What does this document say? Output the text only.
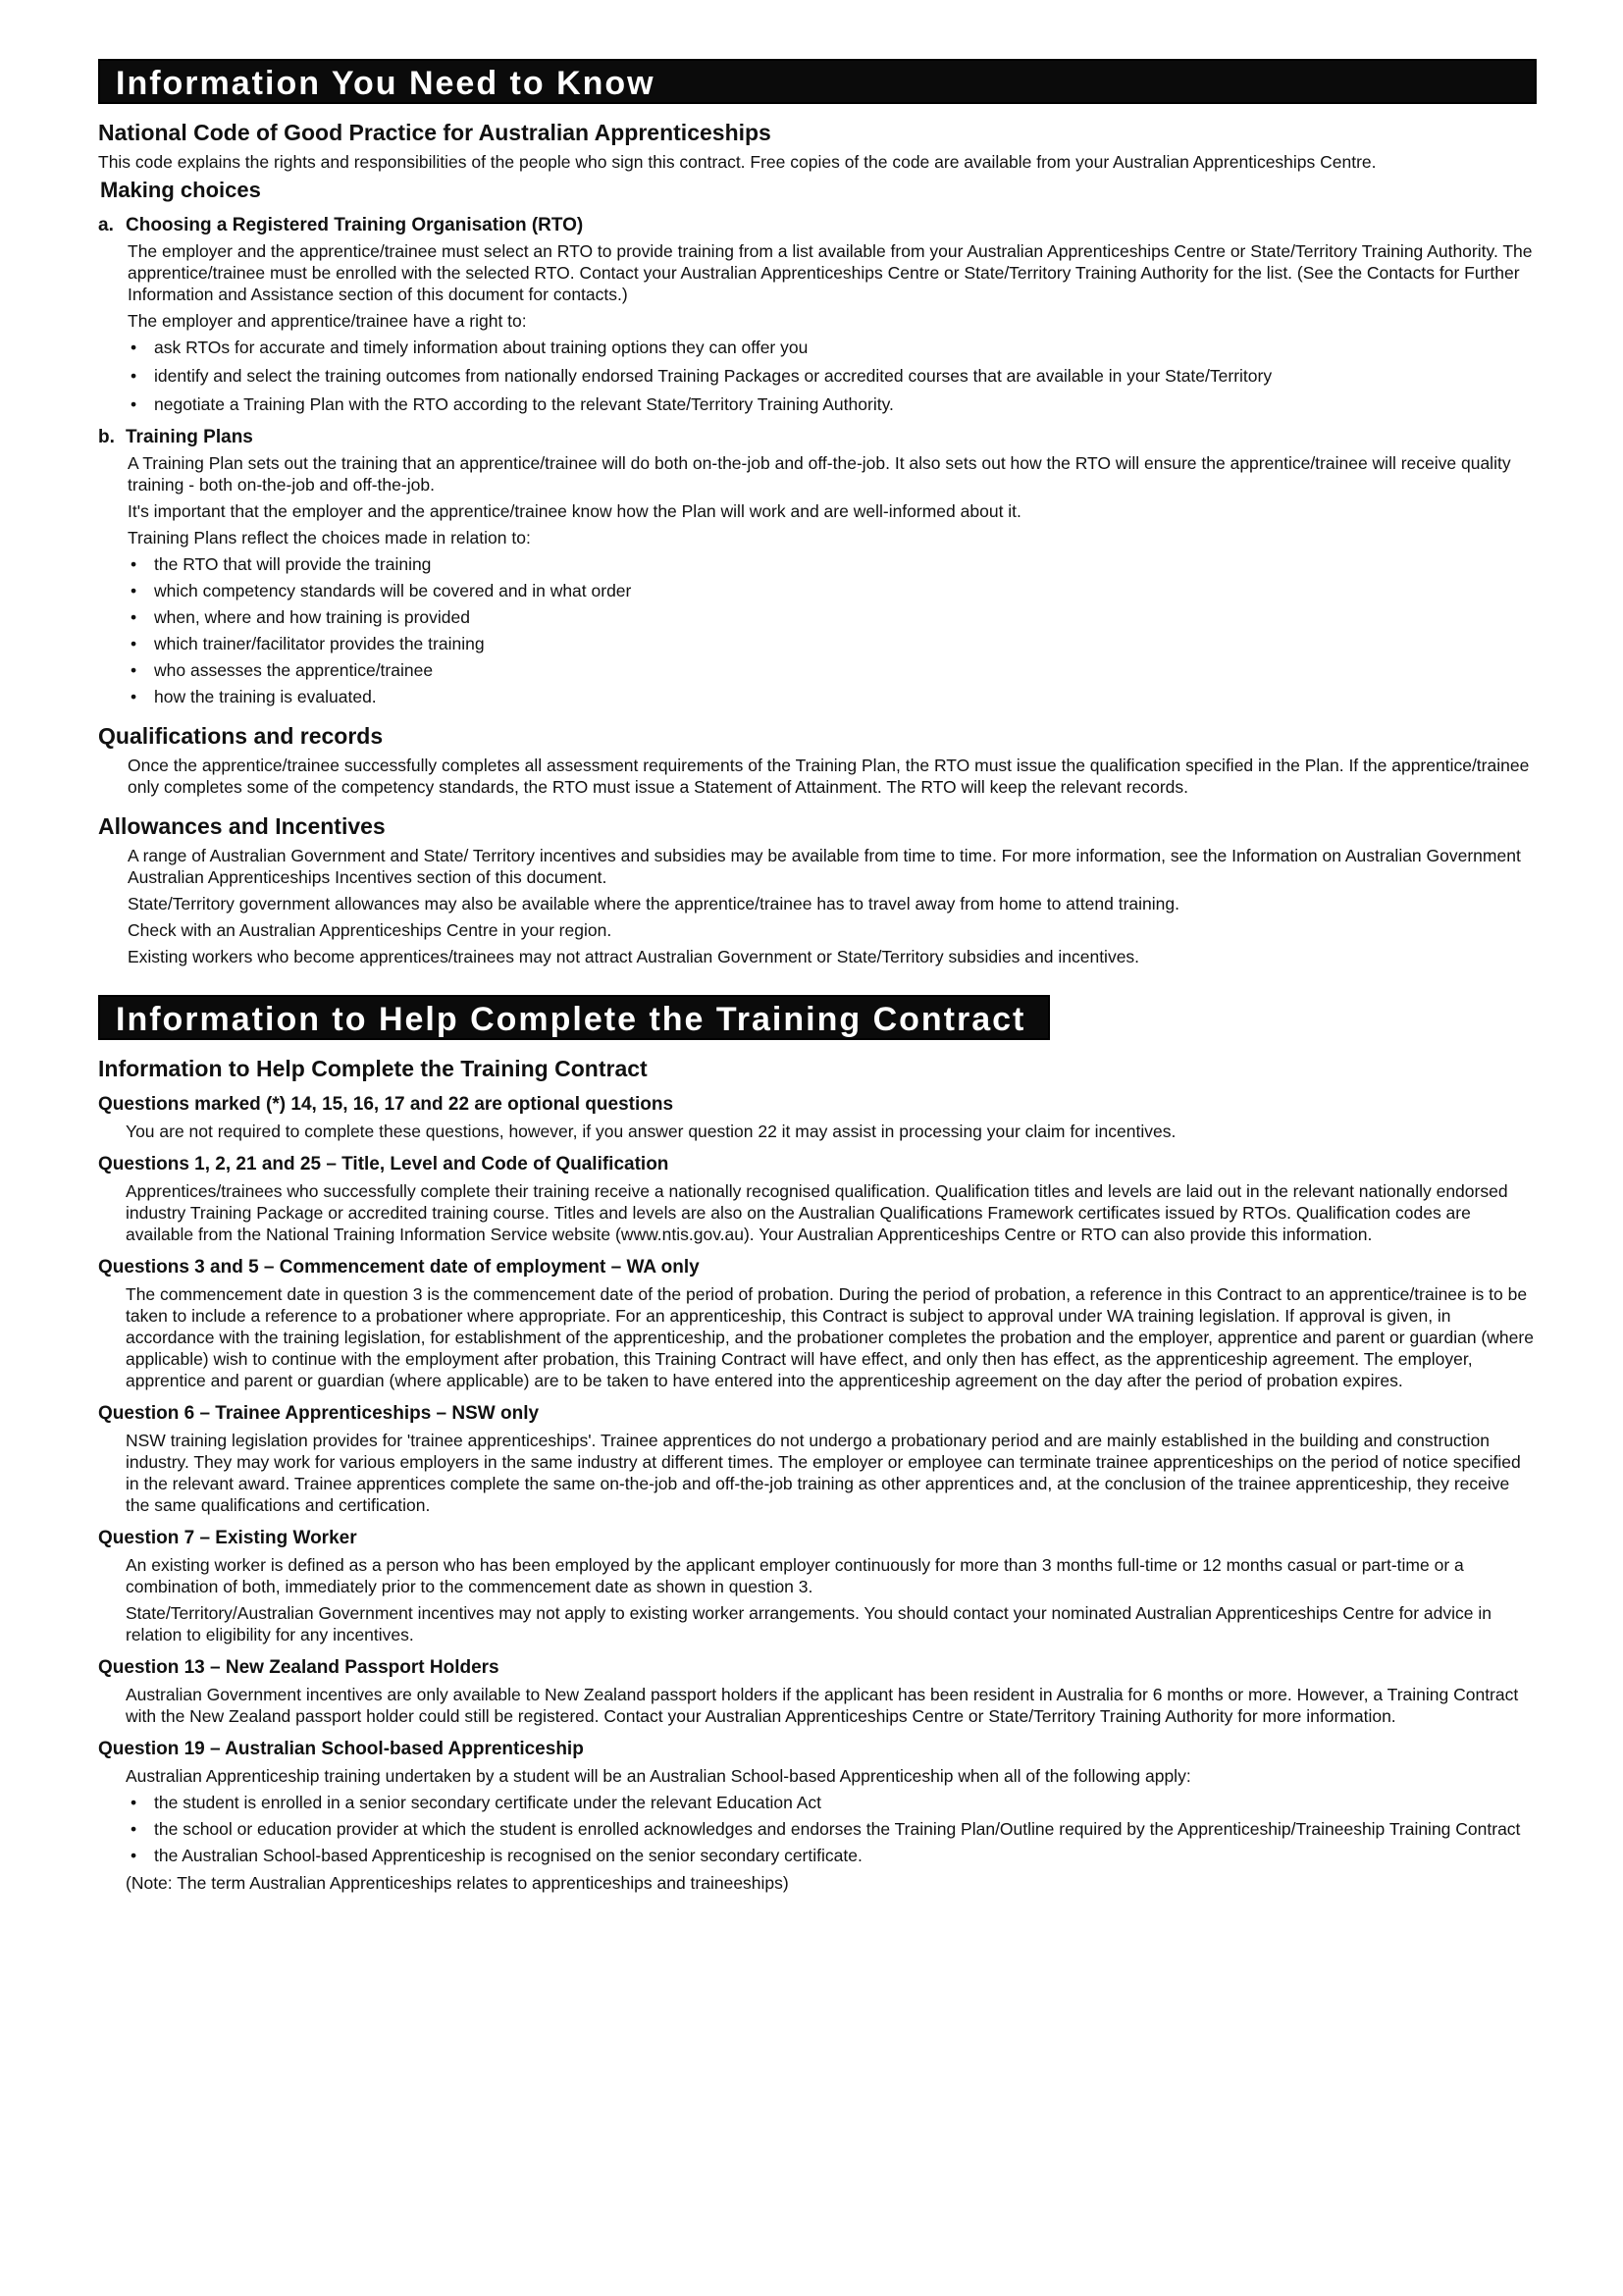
Information You Need to Know
National Code of Good Practice for Australian Apprenticeships

This code explains the rights and responsibilities of the people who sign this contract. Free copies of the code are available from your Australian Apprenticeships Centre.

Making choices
a. Choosing a Registered Training Organisation (RTO)

The employer and the apprentice/trainee must select an RTO to provide training from a list available from your Australian Apprenticeships Centre or State/Territory Training Authority. The apprentice/trainee must be enrolled with the selected RTO. Contact your Australian Apprenticeships Centre or State/Territory Training Authority for the list. (See the Contacts for Further Information and Assistance section of this document for contacts.)

The employer and apprentice/trainee have a right to:

• ask RTOs for accurate and timely information about training options they can offer you
• identify and select the training outcomes from nationally endorsed Training Packages or accredited courses that are available in your State/Territory
• negotiate a Training Plan with the RTO according to the relevant State/Territory Training Authority.
b. Training Plans

A Training Plan sets out the training that an apprentice/trainee will do both on-the-job and off-the-job. It also sets out how the RTO will ensure the apprentice/trainee will receive quality training - both on-the-job and off-the-job.

It's important that the employer and the apprentice/trainee know how the Plan will work and are well-informed about it.

Training Plans reflect the choices made in relation to:

• the RTO that will provide the training
• which competency standards will be covered and in what order
• when, where and how training is provided
• which trainer/facilitator provides the training
• who assesses the apprentice/trainee
• how the training is evaluated.
Qualifications and records

Once the apprentice/trainee successfully completes all assessment requirements of the Training Plan, the RTO must issue the qualification specified in the Plan. If the apprentice/trainee only completes some of the competency standards, the RTO must issue a Statement of Attainment. The RTO will keep the relevant records.

Allowances and Incentives

A range of Australian Government and State/ Territory incentives and subsidies may be available from time to time. For more information, see the Information on Australian Government Australian Apprenticeships Incentives section of this document.

State/Territory government allowances may also be available where the apprentice/trainee has to travel away from home to attend training.

Check with an Australian Apprenticeships Centre in your region.

Existing workers who become apprentices/trainees may not attract Australian Government or State/Territory subsidies and incentives.

Information to Help Complete the Training Contract
Information to Help Complete the Training Contract
Questions marked (*) 14, 15, 16, 17 and 22 are optional questions

You are not required to complete these questions, however, if you answer question 22 it may assist in processing your claim for incentives.

Questions 1, 2, 21 and 25 – Title, Level and Code of Qualification

Apprentices/trainees who successfully complete their training receive a nationally recognised qualification. Qualification titles and levels are laid out in the relevant nationally endorsed industry Training Package or accredited training course. Titles and levels are also on the Australian Qualifications Framework certificates issued by RTOs. Qualification codes are available from the National Training Information Service website (www.ntis.gov.au). Your Australian Apprenticeships Centre or RTO can also provide this information.

Questions 3 and 5 – Commencement date of employment – WA only

The commencement date in question 3 is the commencement date of the period of probation. During the period of probation, a reference in this Contract to an apprentice/trainee is to be taken to include a reference to a probationer where appropriate. For an apprenticeship, this Contract is subject to approval under WA training legislation. If approval is given, in accordance with the training legislation, for establishment of the apprenticeship, and the probationer completes the probation and the employer, apprentice and parent or guardian (where applicable) wish to continue with the employment after probation, this Training Contract will have effect, and only then has effect, as the apprenticeship agreement. The employer, apprentice and parent or guardian (where applicable) are to be taken to have entered into the apprenticeship agreement on the day after the period of probation expires.

Question 6 – Trainee Apprenticeships – NSW only

NSW training legislation provides for 'trainee apprenticeships'. Trainee apprentices do not undergo a probationary period and are mainly established in the building and construction industry. They may work for various employers in the same industry at different times. The employer or employee can terminate trainee apprenticeships on the period of notice specified in the relevant award. Trainee apprentices complete the same on-the-job and off-the-job training as other apprentices and, at the conclusion of the trainee apprenticeship, they receive the same qualifications and certification.

Question 7 – Existing Worker

An existing worker is defined as a person who has been employed by the applicant employer continuously for more than 3 months full-time or 12 months casual or part-time or a combination of both, immediately prior to the commencement date as shown in question 3.

State/Territory/Australian Government incentives may not apply to existing worker arrangements. You should contact your nominated Australian Apprenticeships Centre for advice in relation to eligibility for any incentives.

Question 13 – New Zealand Passport Holders

Australian Government incentives are only available to New Zealand passport holders if the applicant has been resident in Australia for 6 months or more. However, a Training Contract with the New Zealand passport holder could still be registered. Contact your Australian Apprenticeships Centre or State/Territory Training Authority for more information.

Question 19 – Australian School-based Apprenticeship

Australian Apprenticeship training undertaken by a student will be an Australian School-based Apprenticeship when all of the following apply:

• the student is enrolled in a senior secondary certificate under the relevant Education Act
• the school or education provider at which the student is enrolled acknowledges and endorses the Training Plan/Outline required by the Apprenticeship/Traineeship Training Contract
• the Australian School-based Apprenticeship is recognised on the senior secondary certificate.

(Note: The term Australian Apprenticeships relates to apprenticeships and traineeships)
